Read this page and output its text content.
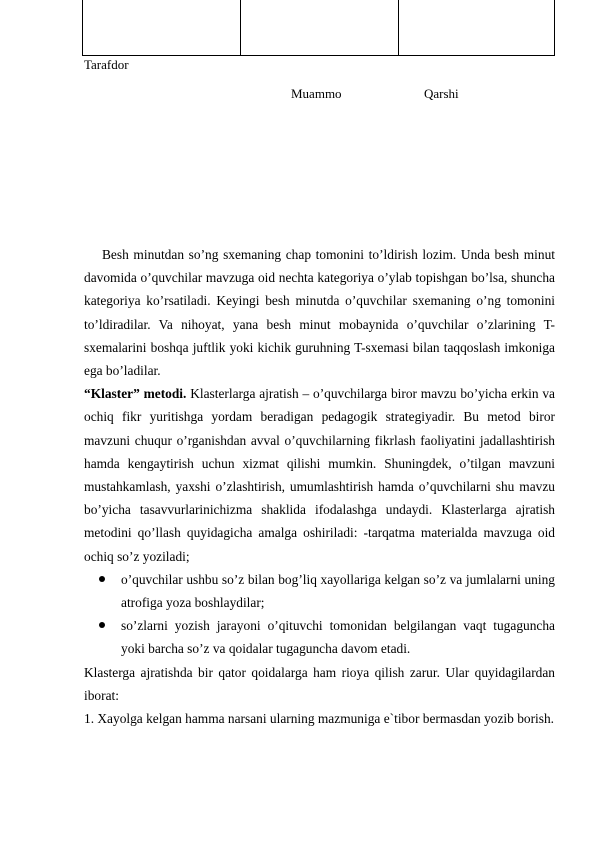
Tarafdor
Muammo	Qarshi

Besh minutdan so’ng sxemaning chap tomonini to’ldirish lozim. Unda besh minut davomida o’quvchilar mavzuga oid nechta kategoriya o’ylab topishgan bo’lsa, shuncha kategoriya ko’rsatiladi. Keyingi besh minutda o’quvchilar sxemaning o’ng tomonini to’ldiradilar. Va nihoyat, yana besh minut mobaynida o’quvchilar o’zlarining T- sxemalarini boshqa juftlik yoki kichik guruhning T-sxemasi bilan taqqoslash imkoniga ega bo’ladilar.

“Klaster” metodi. Klasterlarga ajratish – o’quvchilarga biror mavzu bo’yicha erkin va ochiq fikr yuritishga yordam beradigan pedagogik strategiyadir. Bu metod biror mavzuni chuqur o’rganishdan avval o’quvchilarning fikrlash faoliyatini jadallashtirish hamda kengaytirish uchun xizmat qilishi mumkin. Shuningdek, o’tilgan mavzuni mustahkamlash, yaxshi o’zlashtirish, umumlashtirish hamda o’quvchilarni shu mavzu bo’yicha tasavvurlarinichizma shaklida ifodalashga undaydi. Klasterlarga ajratish metodini qo’llash quyidagicha amalga oshiriladi: -tarqatma materialda mavzuga oid ochiq so’z yoziladi;

o’quvchilar ushbu so’z bilan bog’liq xayollariga kelgan so’z va jumlalarni uning atrofiga yoza boshlaydilar;
so’zlarni yozish jarayoni o’qituvchi tomonidan belgilangan vaqt tugaguncha yoki barcha so’z va qoidalar tugaguncha davom etadi.

Klasterga ajratishda bir qator qoidalarga ham rioya qilish zarur. Ular quyidagilardan iborat:

1. Xayolga kelgan hamma narsani ularning mazmuniga e`tibor bermasdan yozib borish.
